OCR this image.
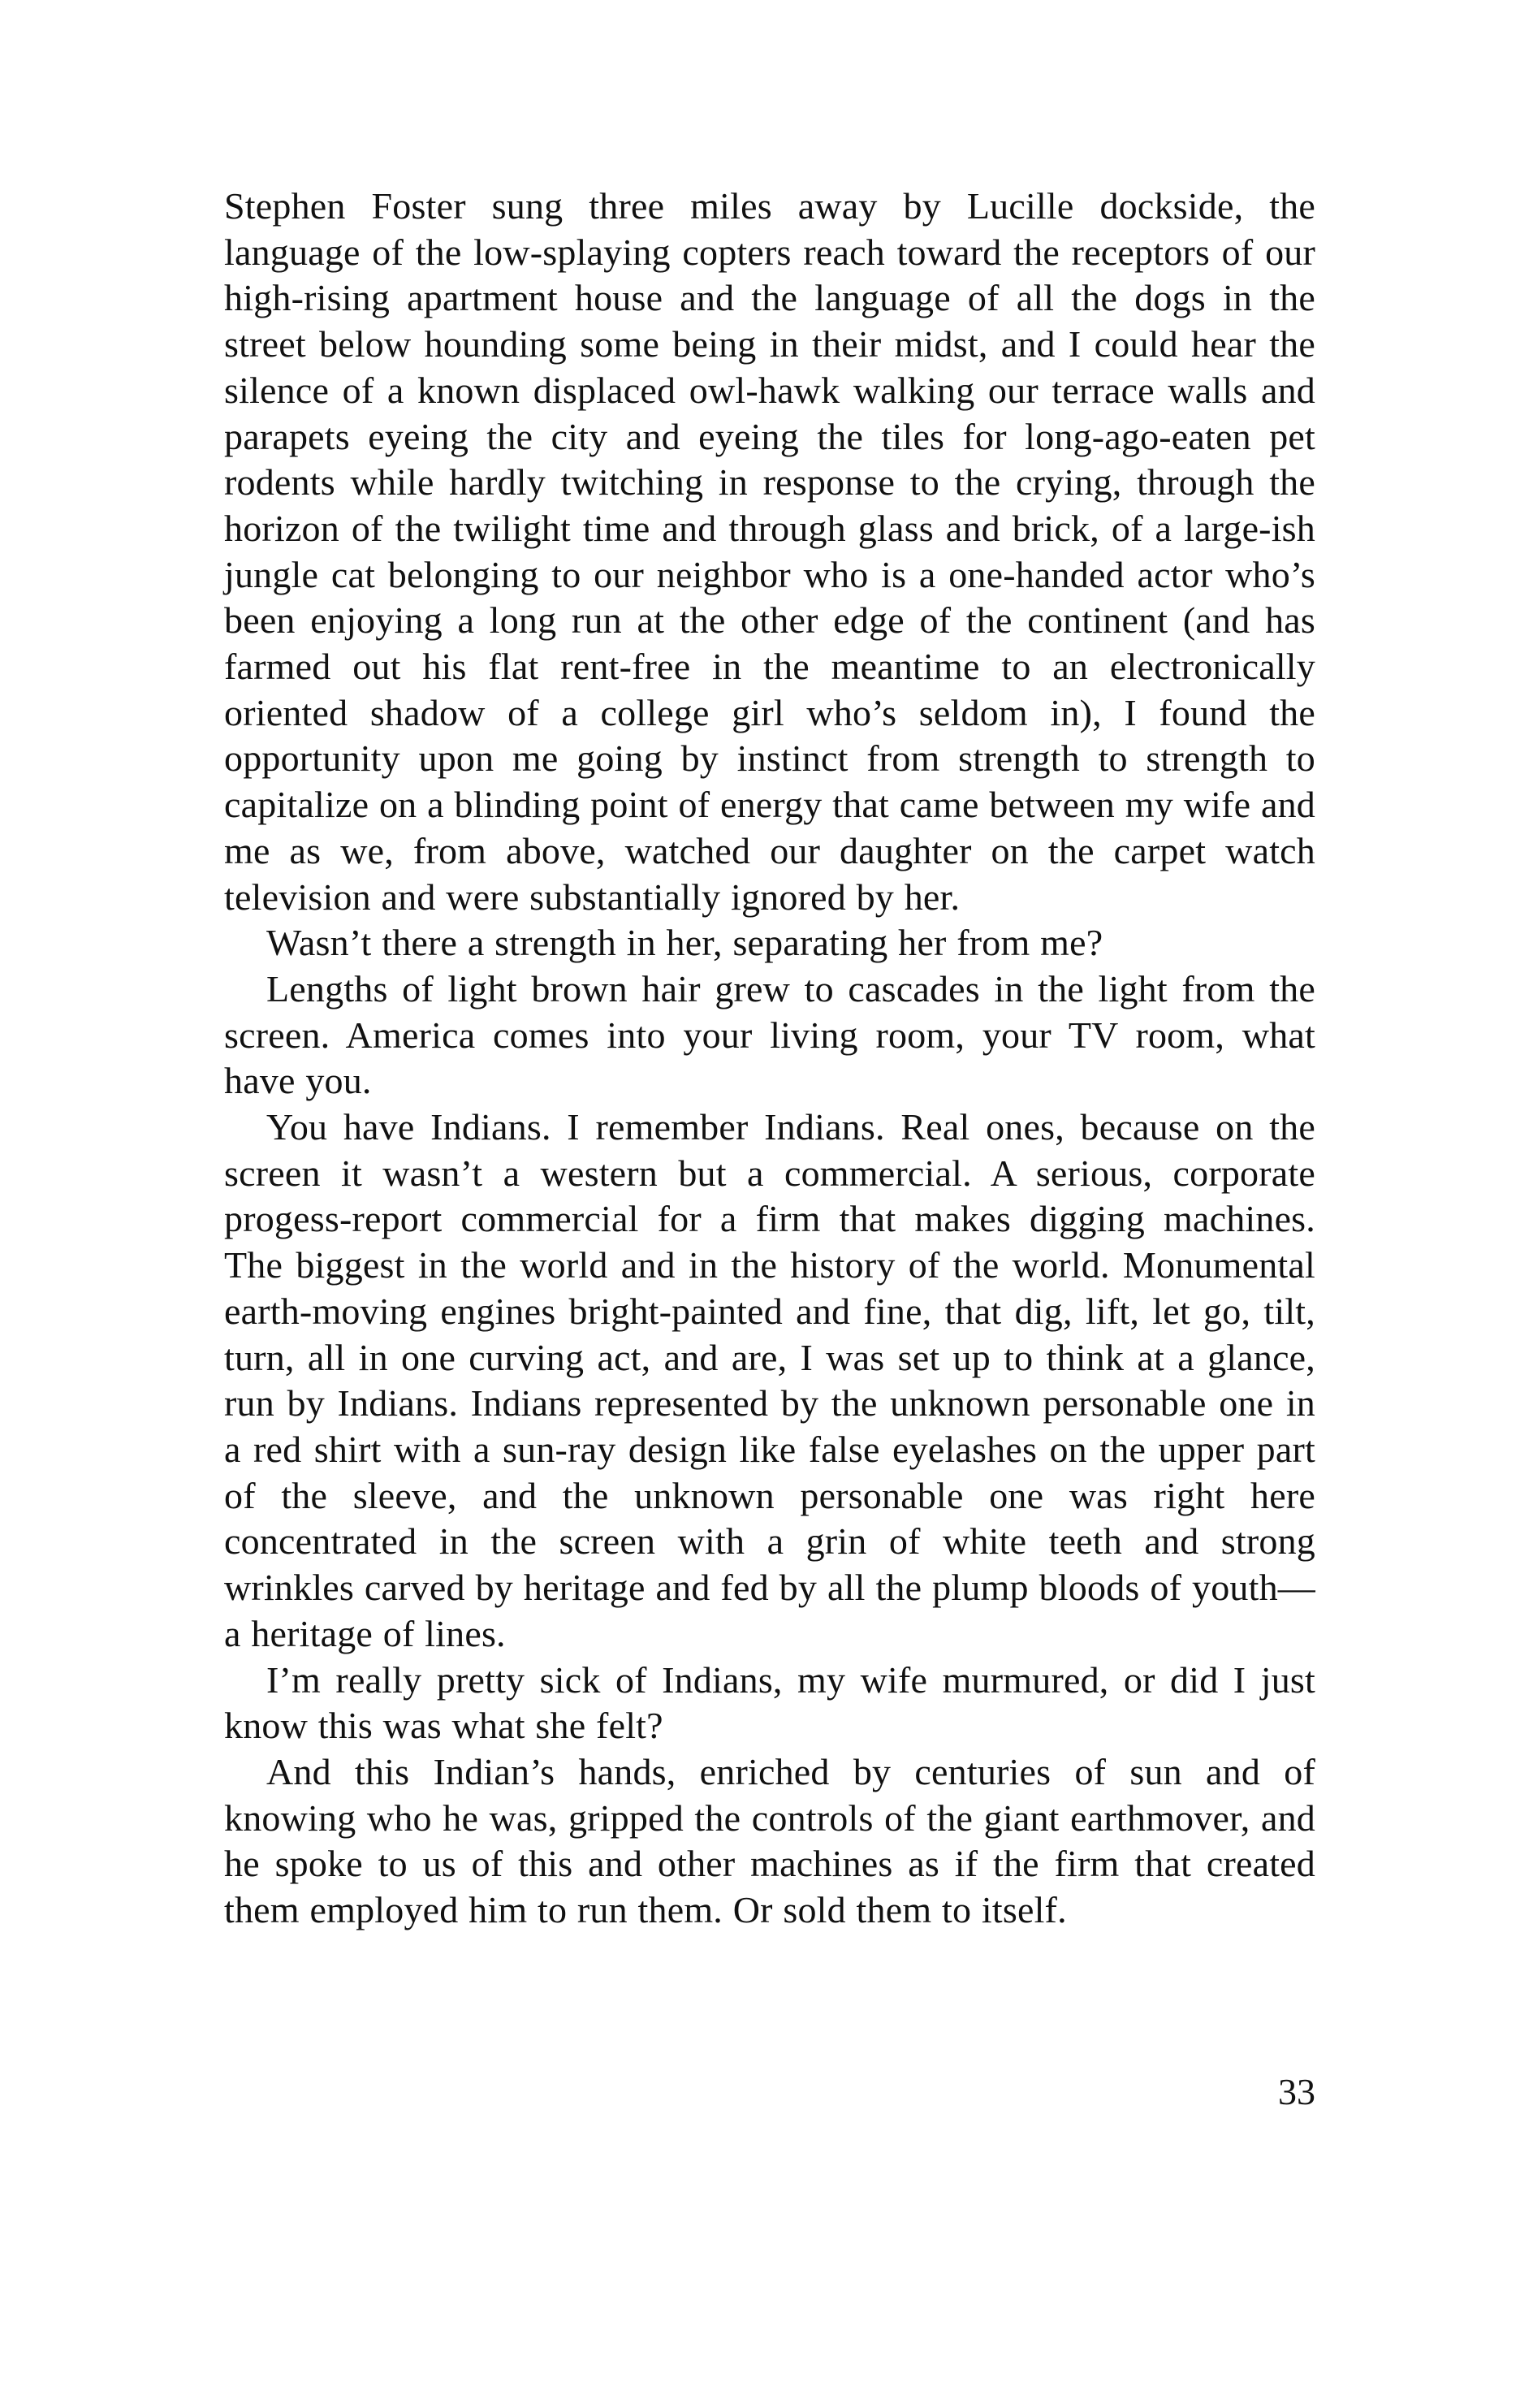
Stephen Foster sung three miles away by Lucille dockside, the language of the low-splaying copters reach toward the receptors of our high-rising apartment house and the language of all the dogs in the street below hounding some being in their midst, and I could hear the silence of a known displaced owl-hawk walking our terrace walls and parapets eyeing the city and eyeing the tiles for long-ago-eaten pet rodents while hardly twitching in response to the crying, through the horizon of the twilight time and through glass and brick, of a large-ish jungle cat belonging to our neighbor who is a one-handed actor who’s been enjoying a long run at the other edge of the continent (and has farmed out his flat rent-free in the meantime to an electronically oriented shadow of a college girl who’s seldom in), I found the opportunity upon me going by instinct from strength to strength to capitalize on a blinding point of energy that came between my wife and me as we, from above, watched our daughter on the carpet watch television and were substantially ignored by her.

Wasn’t there a strength in her, separating her from me?

Lengths of light brown hair grew to cascades in the light from the screen. America comes into your living room, your TV room, what have you.

You have Indians. I remember Indians. Real ones, because on the screen it wasn’t a western but a commercial. A serious, corporate progess-report commercial for a firm that makes digging machines. The biggest in the world and in the history of the world. Monumental earth-moving engines bright-painted and fine, that dig, lift, let go, tilt, turn, all in one curving act, and are, I was set up to think at a glance, run by Indians. Indians represented by the unknown personable one in a red shirt with a sun-ray design like false eyelashes on the upper part of the sleeve, and the unknown personable one was right here concentrated in the screen with a grin of white teeth and strong wrinkles carved by heritage and fed by all the plump bloods of youth—a heritage of lines.

I’m really pretty sick of Indians, my wife murmured, or did I just know this was what she felt?

And this Indian’s hands, enriched by centuries of sun and of knowing who he was, gripped the controls of the giant earthmover, and he spoke to us of this and other machines as if the firm that created them employed him to run them. Or sold them to itself.

33
